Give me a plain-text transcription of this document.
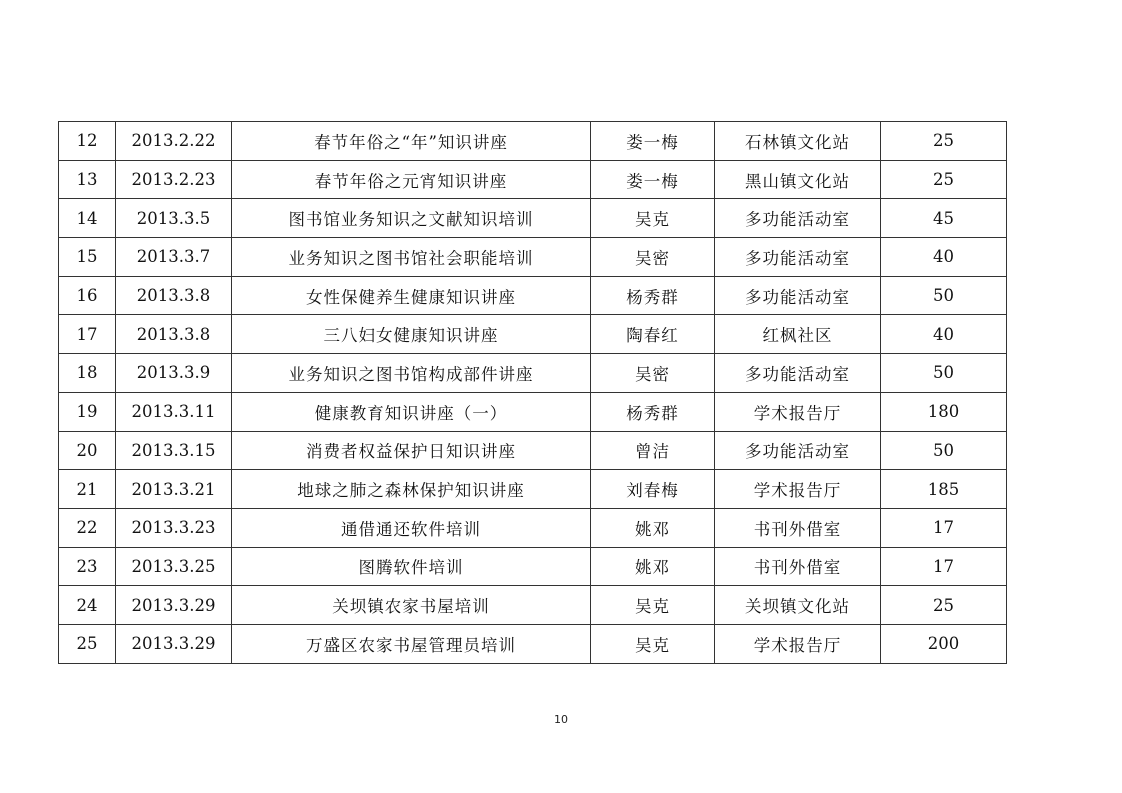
12	2013.2.22	春节年俗之“年”知识讲座	娄一梅	石林镇文化站	25
13	2013.2.23	春节年俗之元宵知识讲座	娄一梅	黑山镇文化站	25
14	2013.3.5	图书馆业务知识之文献知识培训	吴克	多功能活动室	45
15	2013.3.7	业务知识之图书馆社会职能培训	吴密	多功能活动室	40
16	2013.3.8	女性保健养生健康知识讲座	杨秀群	多功能活动室	50
17	2013.3.8	三八妇女健康知识讲座	陶春红	红枫社区	40
18	2013.3.9	业务知识之图书馆构成部件讲座	吴密	多功能活动室	50
19	2013.3.11	健康教育知识讲座（一）	杨秀群	学术报告厅	180
20	2013.3.15	消费者权益保护日知识讲座	曾洁	多功能活动室	50
21	2013.3.21	地球之肺之森林保护知识讲座	刘春梅	学术报告厅	185
22	2013.3.23	通借通还软件培训	姚邓	书刊外借室	17
23	2013.3.25	图腾软件培训	姚邓	书刊外借室	17
24	2013.3.29	关坝镇农家书屋培训	吴克	关坝镇文化站	25
25	2013.3.29	万盛区农家书屋管理员培训	吴克	学术报告厅	200
10
